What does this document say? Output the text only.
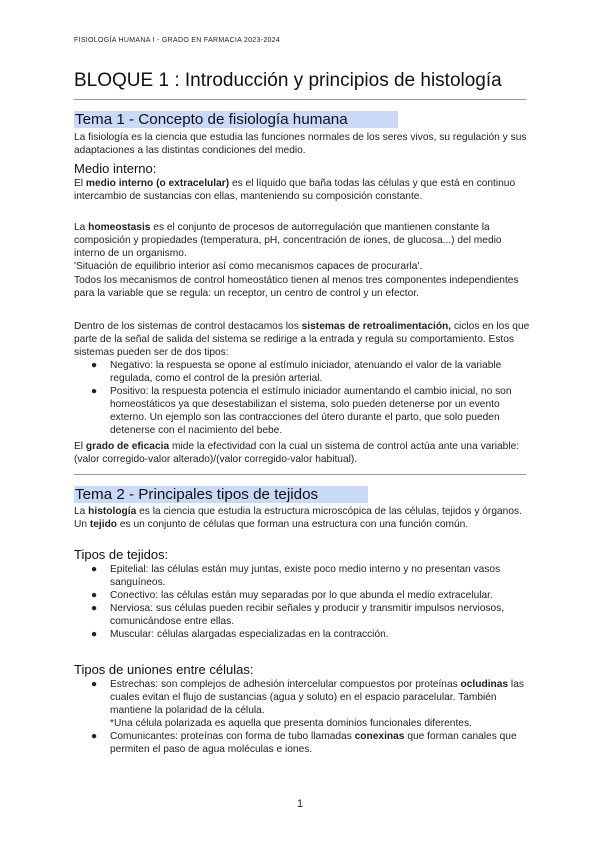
FISIOLOGÍA HUMANA I - GRADO EN FARMACIA 2023-2024
BLOQUE 1 : Introducción y principios de histología
Tema 1 - Concepto de fisiología humana
La fisiología es la ciencia que estudia las funciones normales de los seres vivos, su regulación y sus adaptaciones a las distintas condiciones del medio.
Medio interno:
El medio interno (o extracelular) es el líquido que baña todas las células y que está en continuo intercambio de sustancias con ellas, manteniendo su composición constante.
La homeostasis es el conjunto de procesos de autorregulación que mantienen constante la composición y propiedades (temperatura, pH, concentración de iones, de glucosa...) del medio interno de un organismo.
'Situación de equilibrio interior así como mecanismos capaces de procurarla'.
Todos los mecanismos de control homeostático tienen al menos tres componentes independientes para la variable que se regula: un receptor, un centro de control y un efector.
Dentro de los sistemas de control destacamos los sistemas de retroalimentación, ciclos en los que parte de la señal de salida del sistema se redirige a la entrada y regula su comportamiento. Estos sistemas pueden ser de dos tipos:
● Negativo: la respuesta se opone al estímulo iniciador, atenuando el valor de la variable regulada, como el control de la presión arterial.
● Positivo: la respuesta potencia el estímulo iniciador aumentando el cambio inicial, no son homeostáticos ya que desestabilizan el sistema, solo pueden detenerse por un evento externo. Un ejemplo son las contracciones del útero durante el parto, que solo pueden detenerse con el nacimiento del bebe.
El grado de eficacia mide la efectividad con la cual un sistema de control actúa ante una variable: (valor corregido-valor alterado)/(valor corregido-valor habitual).
Tema 2 - Principales tipos de tejidos
La histología es la ciencia que estudia la estructura microscópica de las células, tejidos y órganos. Un tejido es un conjunto de células que forman una estructura con una función común.
Tipos de tejidos:
● Epitelial: las células están muy juntas, existe poco medio interno y no presentan vasos sanguíneos.
● Conectivo: las células están muy separadas por lo que abunda el medio extracelular.
● Nerviosa: sus células pueden recibir señales y producir y transmitir impulsos nerviosos, comunicándose entre ellas.
● Muscular: células alargadas especializadas en la contracción.
Tipos de uniones entre células:
● Estrechas: son complejos de adhesión intercelular compuestos por proteínas ocludinas las cuales evitan el flujo de sustancias (agua y soluto) en el espacio paracelular. También mantiene la polaridad de la célula.
*Una célula polarizada es aquella que presenta dominios funcionales diferentes.
● Comunicantes: proteínas con forma de tubo llamadas conexinas que forman canales que permiten el paso de agua moléculas e iones.
1
